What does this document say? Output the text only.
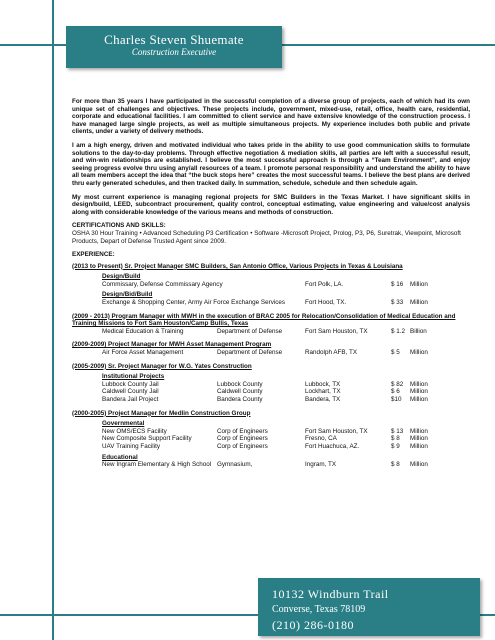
Charles Steven Shuemate
Construction Executive

For more than 35 years I have participated in the successful completion of a diverse group of projects, each of which had its own unique set of challenges and objectives. These projects include, government, mixed-use, retail, office, health care, residential, corporate and educational facilities. I am committed to client service and have extensive knowledge of the construction process. I have managed large single projects, as well as multiple simultaneous projects. My experience includes both public and private clients, under a variety of delivery methods.

I am a high energy, driven and motivated individual who takes pride in the ability to use good communication skills to formulate solutions to the day-to-day problems. Through effective negotiation & mediation skills, all parties are left with a successful result, and win-win relationships are established. I believe the most successful approach is through a “Team Environment”, and enjoy seeing progress evolve thru using any/all resources of a team. I promote personal responsibility and understand the ability to have all team members accept the idea that “the buck stops here” creates the most successful teams. I believe the best plans are derived thru early generated schedules, and then tracked daily. In summation, schedule, schedule and then schedule again.

My most current experience is managing regional projects for SMC Builders in the Texas Market. I have significant skills in design/build, LEED, subcontract procurement, quality control, conceptual estimating, value engineering and value/cost analysis along with considerable knowledge of the various means and methods of construction.

CERTIFICATIONS AND SKILLS:

OSHA 30 Hour Training • Advanced Scheduling P3 Certification • Software -Microsoft Project, Prolog, P3, P6, Suretrak, Viewpoint, Microsoft Products, Depart of Defense Trusted Agent since 2009.

EXPERIENCE:

(2013 to Present) Sr. Project Manager SMC Builders, San Antonio Office, Various Projects in Texas & Louisiana

Design/Build

Commissary, Defense Commissary Agency	Fort Polk, LA.	$ 16 Million

Design/Bid/Build

Exchange & Shopping Center, Army Air Force Exchange Services	Fort Hood, TX.	$ 33 Million

(2009 - 2013) Program Manager with MWH in the execution of BRAC 2005 for Relocation/Consolidation of Medical Education and Training Missions to Fort Sam Houston/Camp Bullis, Texas

Medical Education & Training	Department of Defense	Fort Sam Houston, TX	$ 1.2 Billion

(2009-2009) Project Manager for MWH Asset Management Program

Air Force Asset Management	Department of Defense	Randolph AFB, TX	$ 5 Million

(2005-2009) Sr. Project Manager for W.G. Yates Construction

Institutional Projects

Lubbock County Jail	Lubbock County	Lubbock, TX	$ 82 Million
Caldwell County Jail	Caldwell County	Lockhart, TX	$ 6 Million
Bandera Jail Project	Bandera County	Bandera, TX	$10 Million

(2000-2005) Project Manager for Medlin Construction Group

Governmental

New OMS/ECS Facility	Corp of Engineers	Fort Sam Houston, TX	$ 13 Million
New Composite Support Facility	Corp of Engineers	Fresno, CA	$ 8 Million
UAV Training Facility	Corp of Engineers	Fort Huachuca, AZ.	$ 9 Million

Educational

New Ingram Elementary & High School Gymnasium,	Ingram, TX	$ 8 Million
10132 Windburn Trail
Converse, Texas 78109
(210) 286-0180
